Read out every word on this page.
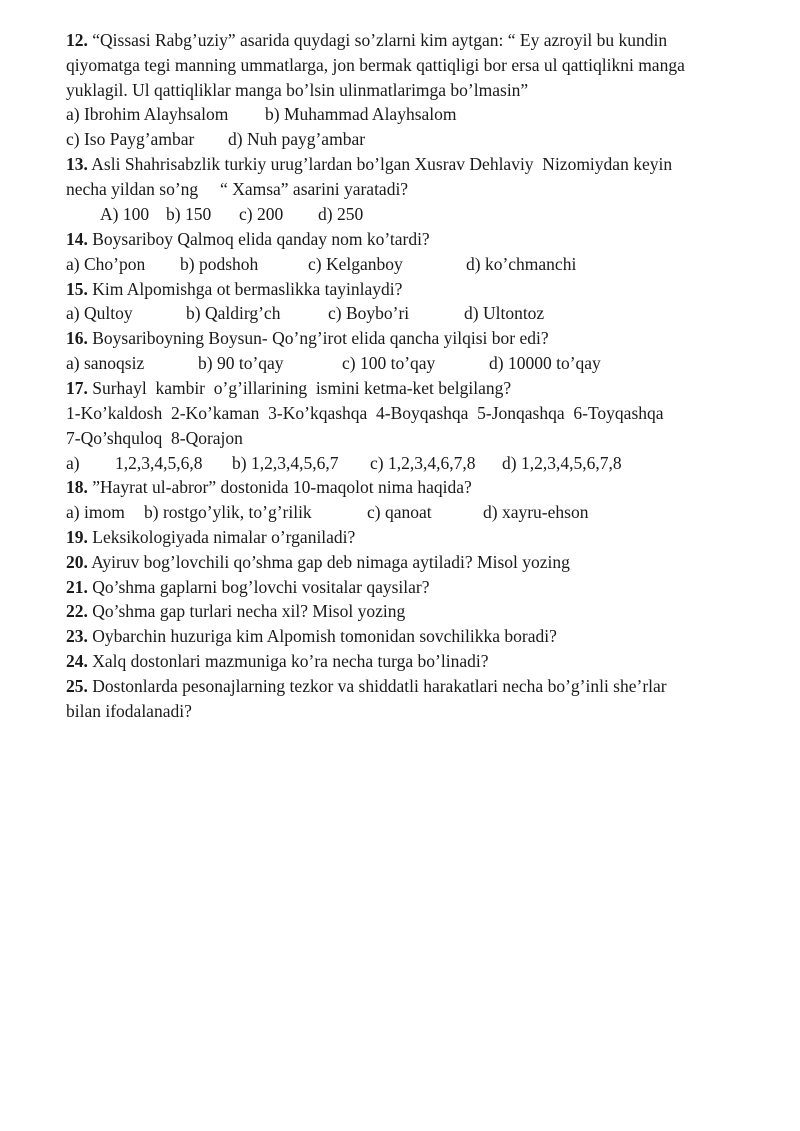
12. “Qissasi Rabg’uziy” asarida quydagi so’zlarni kim aytgan: “ Ey azroyil bu kundin
qiyomatga tegi manning ummatlarga, jon bermak qattiqligi bor ersa ul qattiqlikni manga
yuklagil. Ul qattiqliklar manga bo’lsin ulinmatlarimga bo’lmasin”
a) Ibrohim Alayhsalom b) Muhammad Alayhsalom
c) Iso Payg’ambar d) Nuh payg’ambar
13. Asli Shahrisabzlik turkiy urug’lardan bo’lgan Xusrav Dehlaviy  Nizomiydan keyin
necha yildan so’ng     “ Xamsa” asarini yaratadi?
A) 100 b) 150 c) 200 d) 250
14. Boysariboy Qalmoq elida qanday nom ko’tardi?
a) Cho’pon b) podshoh	c) Kelganboy	d) ko’chmanchi
15. Kim Alpomishga ot bermaslikka tayinlaydi?
a) Qultoy	b) Qaldirg’ch	c) Boybo’ri	d) Ultontoz
16. Boysariboyning Boysun- Qo’ng’irot elida qancha yilqisi bor edi?
a) sanoqsiz	b) 90 to’qay	c) 100 to’qay	d) 10000 to’qay
17. Surhayl  kambir  o’g’illarining  ismini ketma-ket belgilang?
1-Ko’kaldosh  2-Ko’kaman  3-Ko’kqashqa  4-Boyqashqa  5-Jonqashqa  6-Toyqashqa
7-Qo’shquloq  8-Qorajon
a) 1,2,3,4,5,6,8 b) 1,2,3,4,5,6,7 c) 1,2,3,4,6,7,8 d) 1,2,3,4,5,6,7,8
18. ”Hayrat ul-abror” dostonida 10-maqolot nima haqida?
a) imom b) rostgo’ylik, to’g’rilik	c) qanoat	d) xayru-ehson
19. Leksikologiyada nimalar o’rganiladi?
20. Ayiruv bog’lovchili qo’shma gap deb nimaga aytiladi? Misol yozing
21. Qo’shma gaplarni bog’lovchi vositalar qaysilar?
22. Qo’shma gap turlari necha xil? Misol yozing
23. Oybarchin huzuriga kim Alpomish tomonidan sovchilikka boradi?
24. Xalq dostonlari mazmuniga ko’ra necha turga bo’linadi?
25. Dostonlarda pesonajlarning tezkor va shiddatli harakatlari necha bo’g’inli she’rlar
bilan ifodalanadi?
